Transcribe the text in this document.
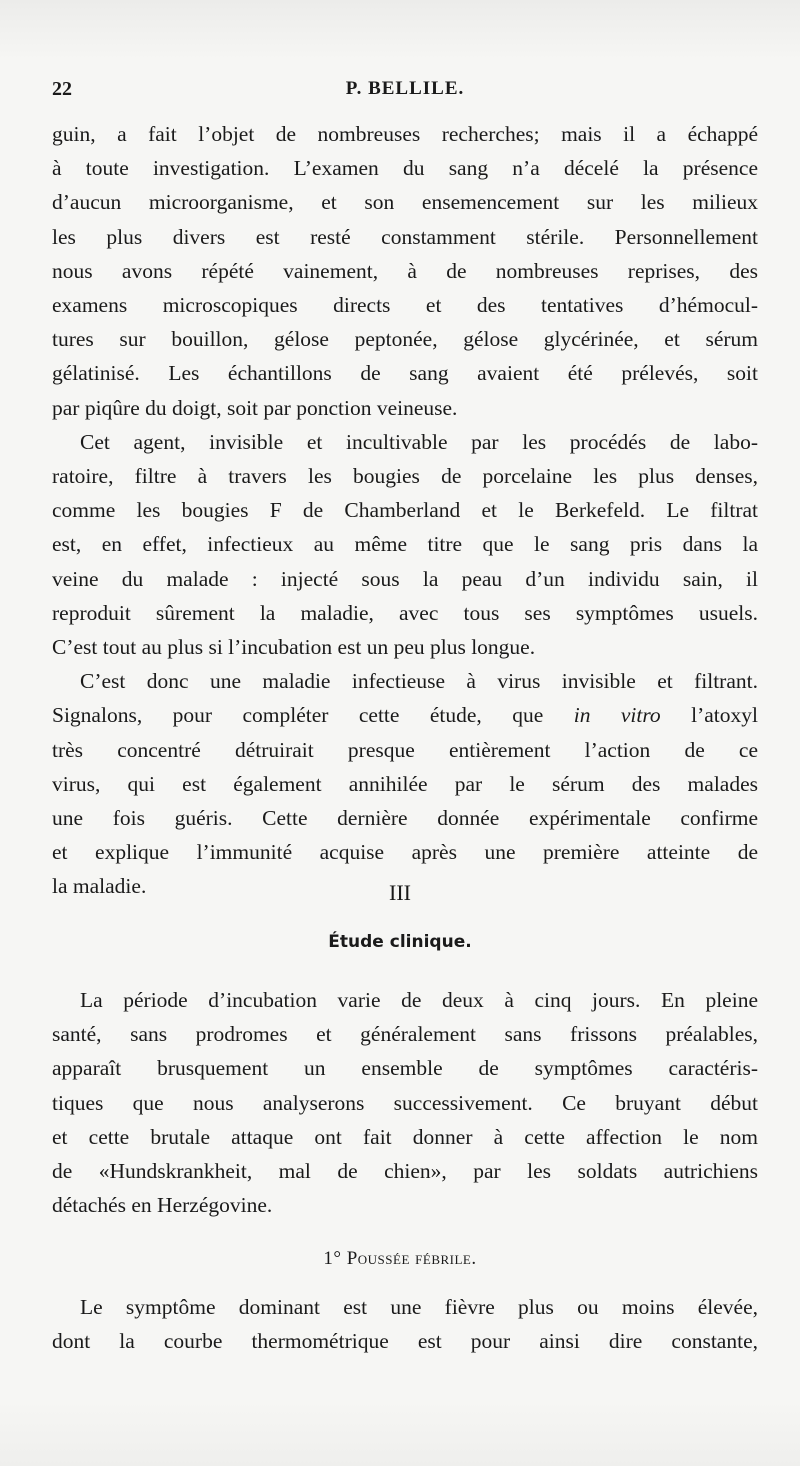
22	P. BELLILE.
guin, a fait l’objet de nombreuses recherches; mais il a échappé
à toute investigation. L’examen du sang n’a décelé la présence
d’aucun microorganisme, et son ensemencement sur les milieux
les plus divers est resté constamment stérile. Personnellement
nous avons répété vainement, à de nombreuses reprises, des
examens microscopiques directs et des tentatives d’hémocul-
tures sur bouillon, gélose peptonée, gélose glycérinée, et sérum
gélatinisé. Les échantillons de sang avaient été prélevés, soit
par piqûre du doigt, soit par ponction veineuse.
Cet agent, invisible et incultivable par les procédés de labo-
ratoire, filtre à travers les bougies de porcelaine les plus denses,
comme les bougies F de Chamberland et le Berkefeld. Le filtrat
est, en effet, infectieux au même titre que le sang pris dans la
veine du malade : injecté sous la peau d’un individu sain, il
reproduit sûrement la maladie, avec tous ses symptômes usuels.
C’est tout au plus si l’incubation est un peu plus longue.
C’est donc une maladie infectieuse à virus invisible et filtrant.
Signalons, pour compléter cette étude, que in vitro l’atoxyl
très concentré détruirait presque entièrement l’action de ce
virus, qui est également annihilée par le sérum des malades
une fois guéris. Cette dernière donnée expérimentale confirme
et explique l’immunité acquise après une première atteinte de
la maladie.	III
Étude clinique.
La période d’incubation varie de deux à cinq jours. En pleine
santé, sans prodromes et généralement sans frissons préalables,
apparaît brusquement un ensemble de symptômes caractéris-
tiques que nous analyserons successivement. Ce bruyant début
et cette brutale attaque ont fait donner à cette affection le nom
de «Hundskrankheit, mal de chien», par les soldats autrichiens
détachés en Herzégovine.
1° Poussée fébrile.
Le symptôme dominant est une fièvre plus ou moins élevée,
dont la courbe thermométrique est pour ainsi dire constante,
